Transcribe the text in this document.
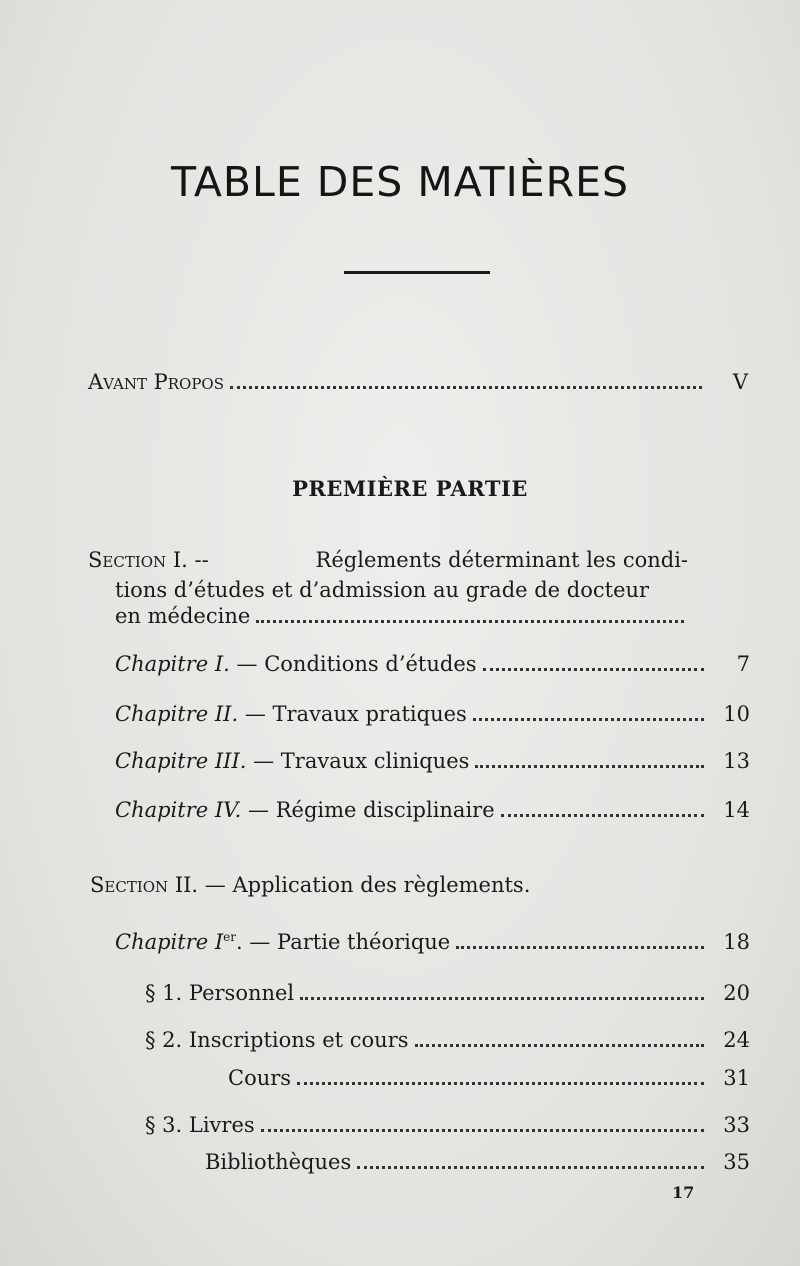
TABLE DES MATIÈRES
Avant Propos	V
PREMIÈRE PARTIE
Section I. --	Réglements déterminant les condi-
tions d’études et d’admission au grade de docteur
en médecine
Chapitre I. — Conditions d’études	7
Chapitre II. — Travaux pratiques	10
Chapitre III. — Travaux cliniques	13
Chapitre IV. — Régime disciplinaire	14
Section II. — Application des règlements.
Chapitre Ier. — Partie théorique	18
§ 1. Personnel	20
§ 2. Inscriptions et cours	24
Cours	31
§ 3. Livres	33
Bibliothèques	35
17
